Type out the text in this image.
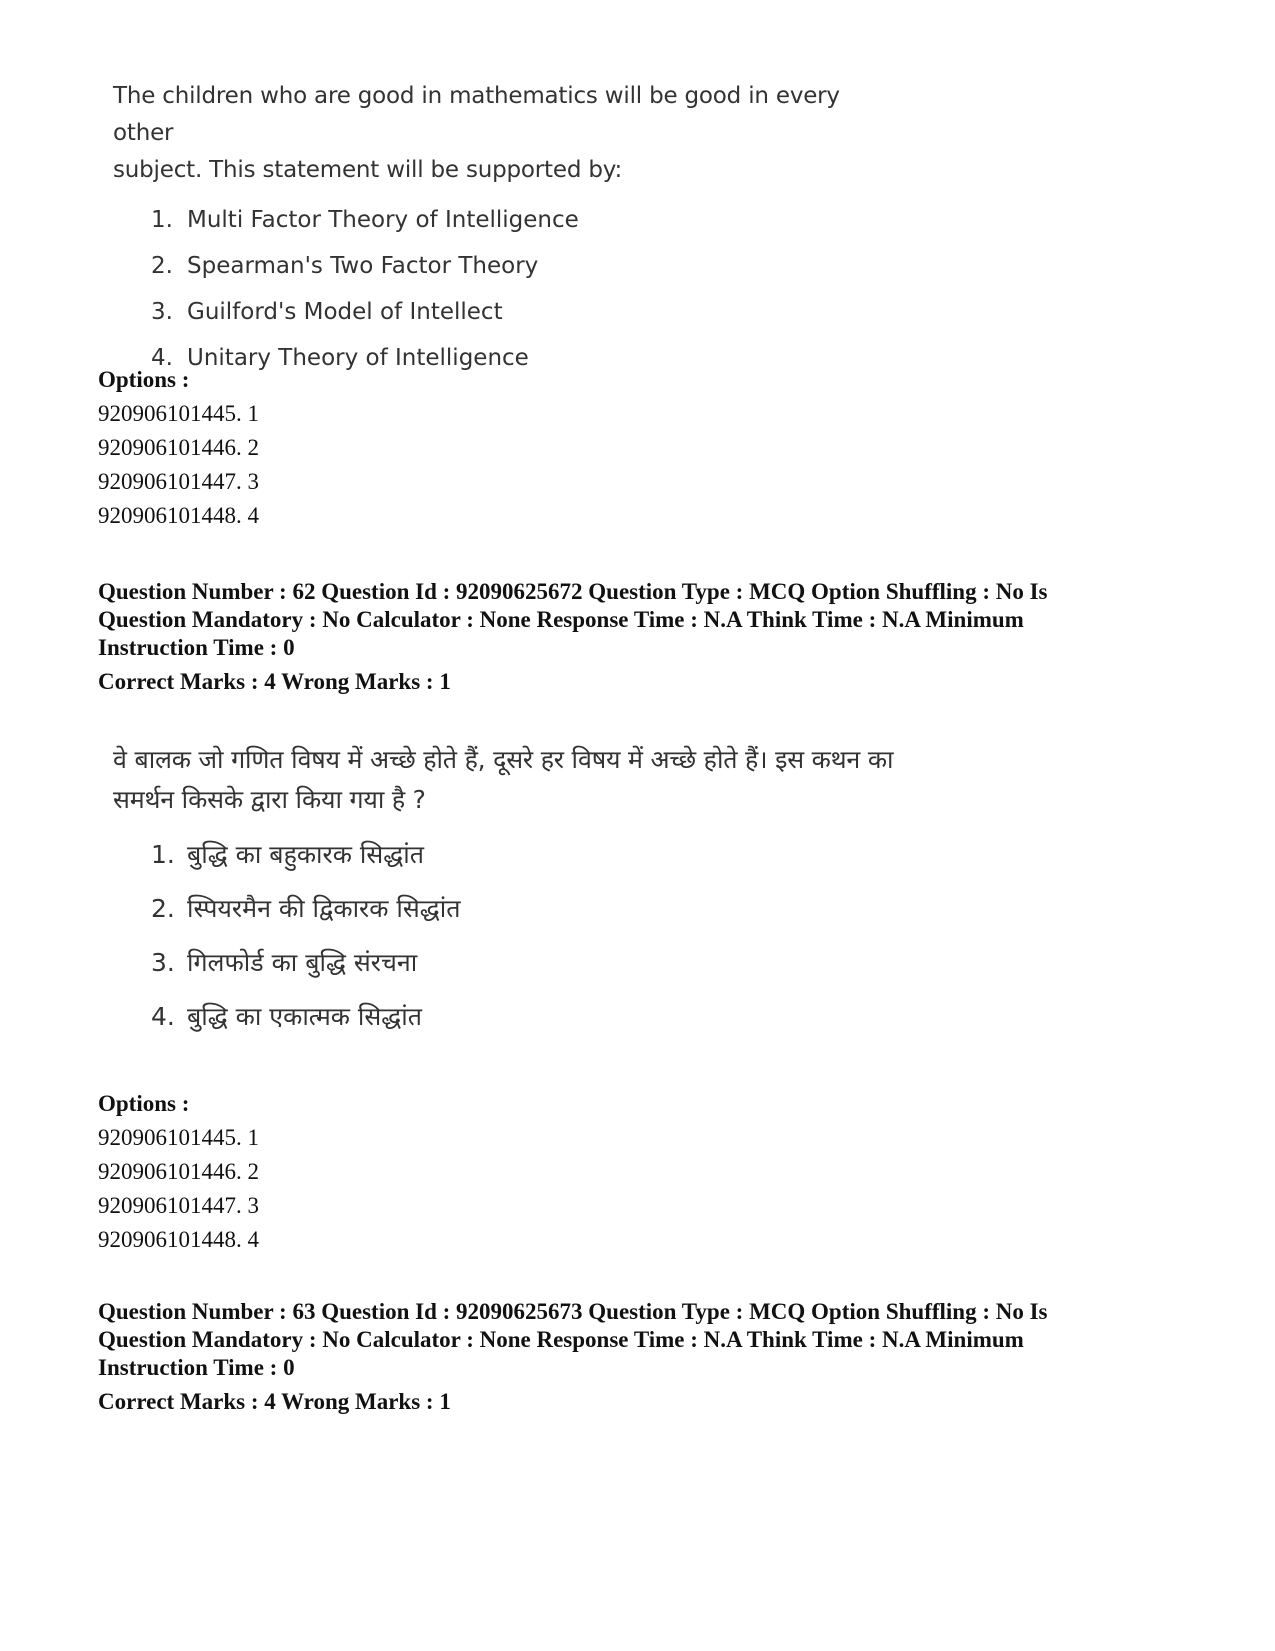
The children who are good in mathematics will be good in every other

subject. This statement will be supported by:

1. Multi Factor Theory of Intelligence
2. Spearman's Two Factor Theory
3. Guilford's Model of Intellect
4. Unitary Theory of Intelligence

Options :

920906101445. 1
920906101446. 2
920906101447. 3
920906101448. 4

Question Number : 62 Question Id : 92090625672 Question Type : MCQ Option Shuffling : No Is

Question Mandatory : No Calculator : None Response Time : N.A Think Time : N.A Minimum

Instruction Time : 0

Correct Marks : 4 Wrong Marks : 1

वे बालक जो गणित विषय में अच्छे होते हैं, दूसरे हर विषय में अच्छे होते हैं। इस कथन का

समर्थन किसके द्वारा किया गया है ?

1. बुद्धि का बहुकारक सिद्धांत
2. स्पियरमैन की द्विकारक सिद्धांत
3. गिलफोर्ड का बुद्धि संरचना
4. बुद्धि का एकात्मक सिद्धांत

Options :

920906101445. 1
920906101446. 2
920906101447. 3
920906101448. 4

Question Number : 63 Question Id : 92090625673 Question Type : MCQ Option Shuffling : No Is

Question Mandatory : No Calculator : None Response Time : N.A Think Time : N.A Minimum

Instruction Time : 0

Correct Marks : 4 Wrong Marks : 1
